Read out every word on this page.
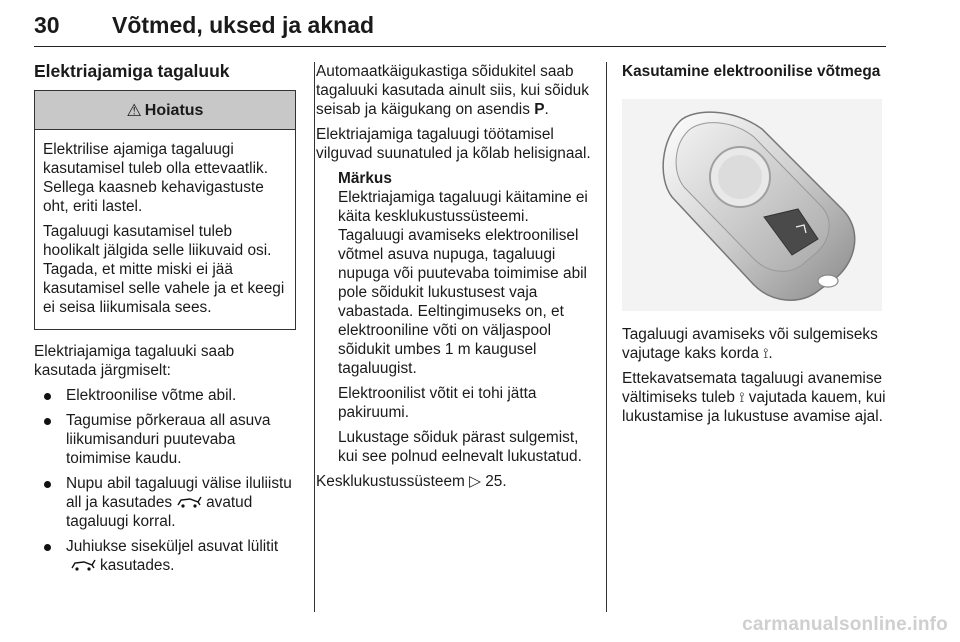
30 Võtmed, uksed ja aknad
Elektriajamiga tagaluuk
⚠ Hoiatus

Elektrilise ajamiga tagaluugi kasutamisel tuleb olla ettevaatlik. Sellega kaasneb kehavigastuste oht, eriti lastel.

Tagaluugi kasutamisel tuleb hoolikalt jälgida selle liikuvaid osi. Tagada, et mitte miski ei jää kasutamisel selle vahele ja et keegi ei seisa liikumisala sees.

Elektriajamiga tagaluuki saab kasutada järgmiselt:

Elektroonilise võtme abil.
Tagumise põrkeraua all asuva liikumisanduri puutevaba toimimise kaudu.
Nupu abil tagaluugi välise iluliistu all ja kasutades avatud tagaluugi korral.
Juhiukse siseküljel asuvat lülititkasutades.

Automaatkäigukastiga sõidukitel saab tagaluuki kasutada ainult siis, kui sõiduk seisab ja käigukang on asendis P.

Elektriajamiga tagaluugi töötamisel vilguvad suunatuled ja kõlab helisignaal.

Märkus

Elektriajamiga tagaluugi käitamine ei käita kesklukustussüsteemi. Tagaluugi avamiseks elektroonilisel võtmel asuva nupuga, tagaluugi nupuga või puutevaba toimimise abil pole sõidukit lukustusest vaja vabastada. Eeltingimuseks on, et elektrooniline võti on väljaspool sõidukit umbes 1 m kaugusel tagaluugist.

Elektroonilist võtit ei tohi jätta pakiruumi.

Lukustage sõiduk pärast sulgemist, kui see polnud eelnevalt lukustatud.

Kesklukustussüsteem ▷ 25.

Kasutamine elektroonilise võtmega

Tagaluugi avamiseks või sulgemiseks vajutage kaks korda ⟟.

Ettekavatsemata tagaluugi avanemise vältimiseks tuleb ⟟ vajutada kauem, kui lukustamise ja lukustuse avamise ajal.

carmanualsonline.info
